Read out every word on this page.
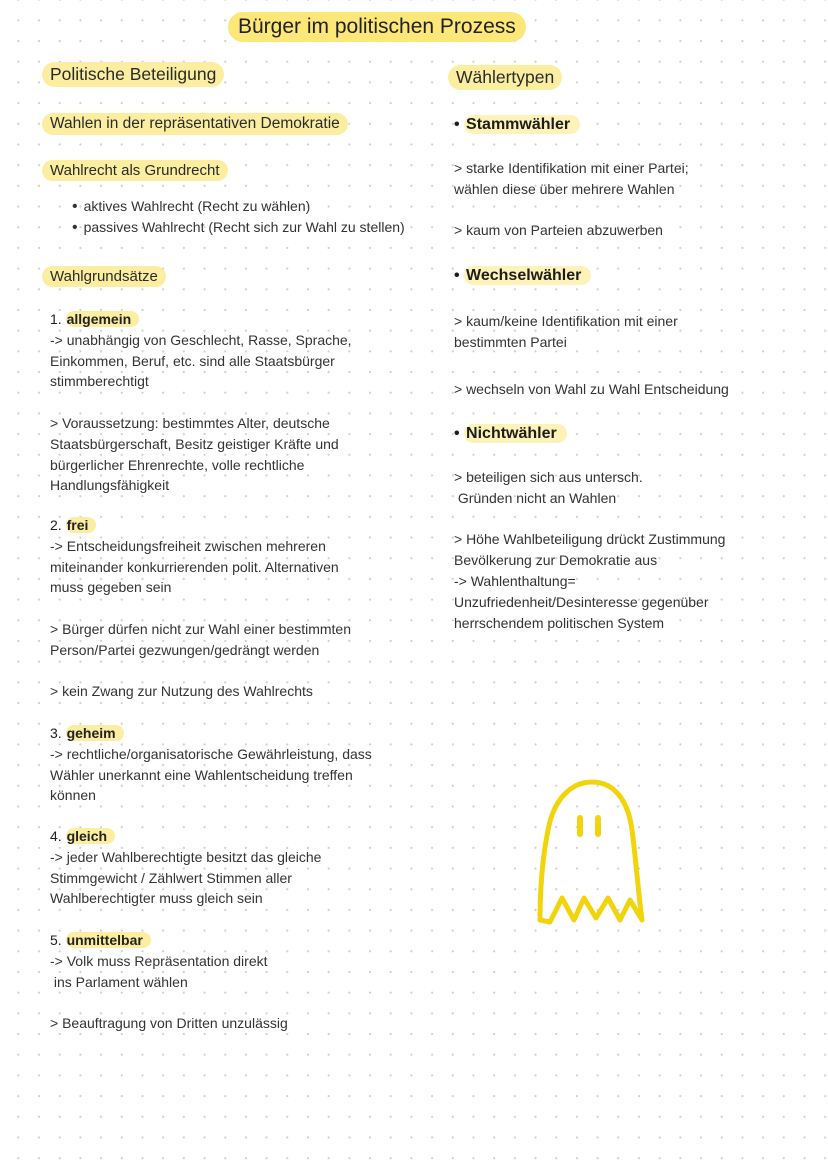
Bürger im politischen Prozess
Politische Beteiligung
Wahlen in der repräsentativen Demokratie
Wahlrecht als Grundrecht
• aktives Wahlrecht (Recht zu wählen)
• passives Wahlrecht (Recht sich zur Wahl zu stellen)
Wahlgrundsätze
1. allgemein

-> unabhängig von Geschlecht, Rasse, Sprache,

Einkommen, Beruf, etc. sind alle Staatsbürger

stimmberechtigt

> Voraussetzung: bestimmtes Alter, deutsche

Staatsbürgerschaft, Besitz geistiger Kräfte und

bürgerlicher Ehrenrechte, volle rechtliche

Handlungsfähigkeit

2. frei

-> Entscheidungsfreiheit zwischen mehreren

miteinander konkurrierenden polit. Alternativen

muss gegeben sein

> Bürger dürfen nicht zur Wahl einer bestimmten

Person/Partei gezwungen/gedrängt werden

> kein Zwang zur Nutzung des Wahlrechts

3. geheim

-> rechtliche/organisatorische Gewährleistung, dass

Wähler unerkannt eine Wahlentscheidung treffen

können

4. gleich

-> jeder Wahlberechtigte besitzt das gleiche

Stimmgewicht / Zählwert Stimmen aller

Wahlberechtigter muss gleich sein

5. unmittelbar

-> Volk muss Repräsentation direkt

ins Parlament wählen

> Beauftragung von Dritten unzulässig

Wählertypen
• Stammwähler

> starke Identifikation mit einer Partei;

wählen diese über mehrere Wahlen

> kaum von Parteien abzuwerben

• Wechselwähler

> kaum/keine Identifikation mit einer

bestimmten Partei

> wechseln von Wahl zu Wahl Entscheidung

• Nichtwähler

> beteiligen sich aus untersch.

Gründen nicht an Wahlen

> Höhe Wahlbeteiligung drückt Zustimmung

Bevölkerung zur Demokratie aus

-> Wahlenthaltung=

Unzufriedenheit/Desinteresse gegenüber

herrschendem politischen System
